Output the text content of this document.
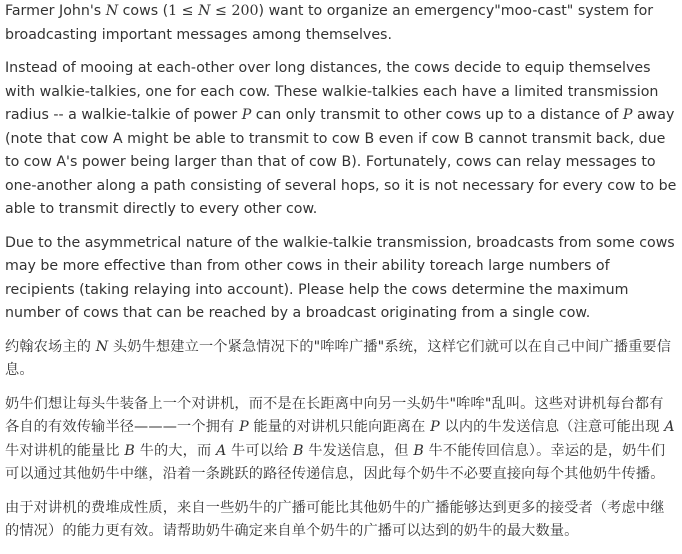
Farmer John's N cows (1 ≤ N ≤ 200) want to organize an emergency"moo-cast" system for broadcasting important messages among themselves.

Instead of mooing at each-other over long distances, the cows decide to equip themselves with walkie-talkies, one for each cow. These walkie-talkies each have a limited transmission radius -- a walkie-talkie of power P can only transmit to other cows up to a distance of P away (note that cow A might be able to transmit to cow B even if cow B cannot transmit back, due to cow A's power being larger than that of cow B). Fortunately, cows can relay messages to one-another along a path consisting of several hops, so it is not necessary for every cow to be able to transmit directly to every other cow.

Due to the asymmetrical nature of the walkie-talkie transmission, broadcasts from some cows may be more effective than from other cows in their ability toreach large numbers of recipients (taking relaying into account). Please help the cows determine the maximum number of cows that can be reached by a broadcast originating from a single cow.

约翰农场主的 N 头奶牛想建立一个紧急情况下的"哞哞广播"系统，这样它们就可以在自己中间广播重要信息。

奶牛们想让每头牛装备上一个对讲机，而不是在长距离中向另一头奶牛"哞哞"乱叫。这些对讲机每台都有各自的有效传输半径———一个拥有 P 能量的对讲机只能向距离在 P 以内的牛发送信息（注意可能出现 A 牛对讲机的能量比 B 牛的大，而 A 牛可以给 B 牛发送信息，但 B 牛不能传回信息）。幸运的是，奶牛们可以通过其他奶牛中继，沿着一条跳跃的路径传递信息，因此每个奶牛不必要直接向每个其他奶牛传播。

由于对讲机的费堆成性质，来自一些奶牛的广播可能比其他奶牛的广播能够达到更多的接受者（考虑中继的情况）的能力更有效。请帮助奶牛确定来自单个奶牛的广播可以达到的奶牛的最大数量。
